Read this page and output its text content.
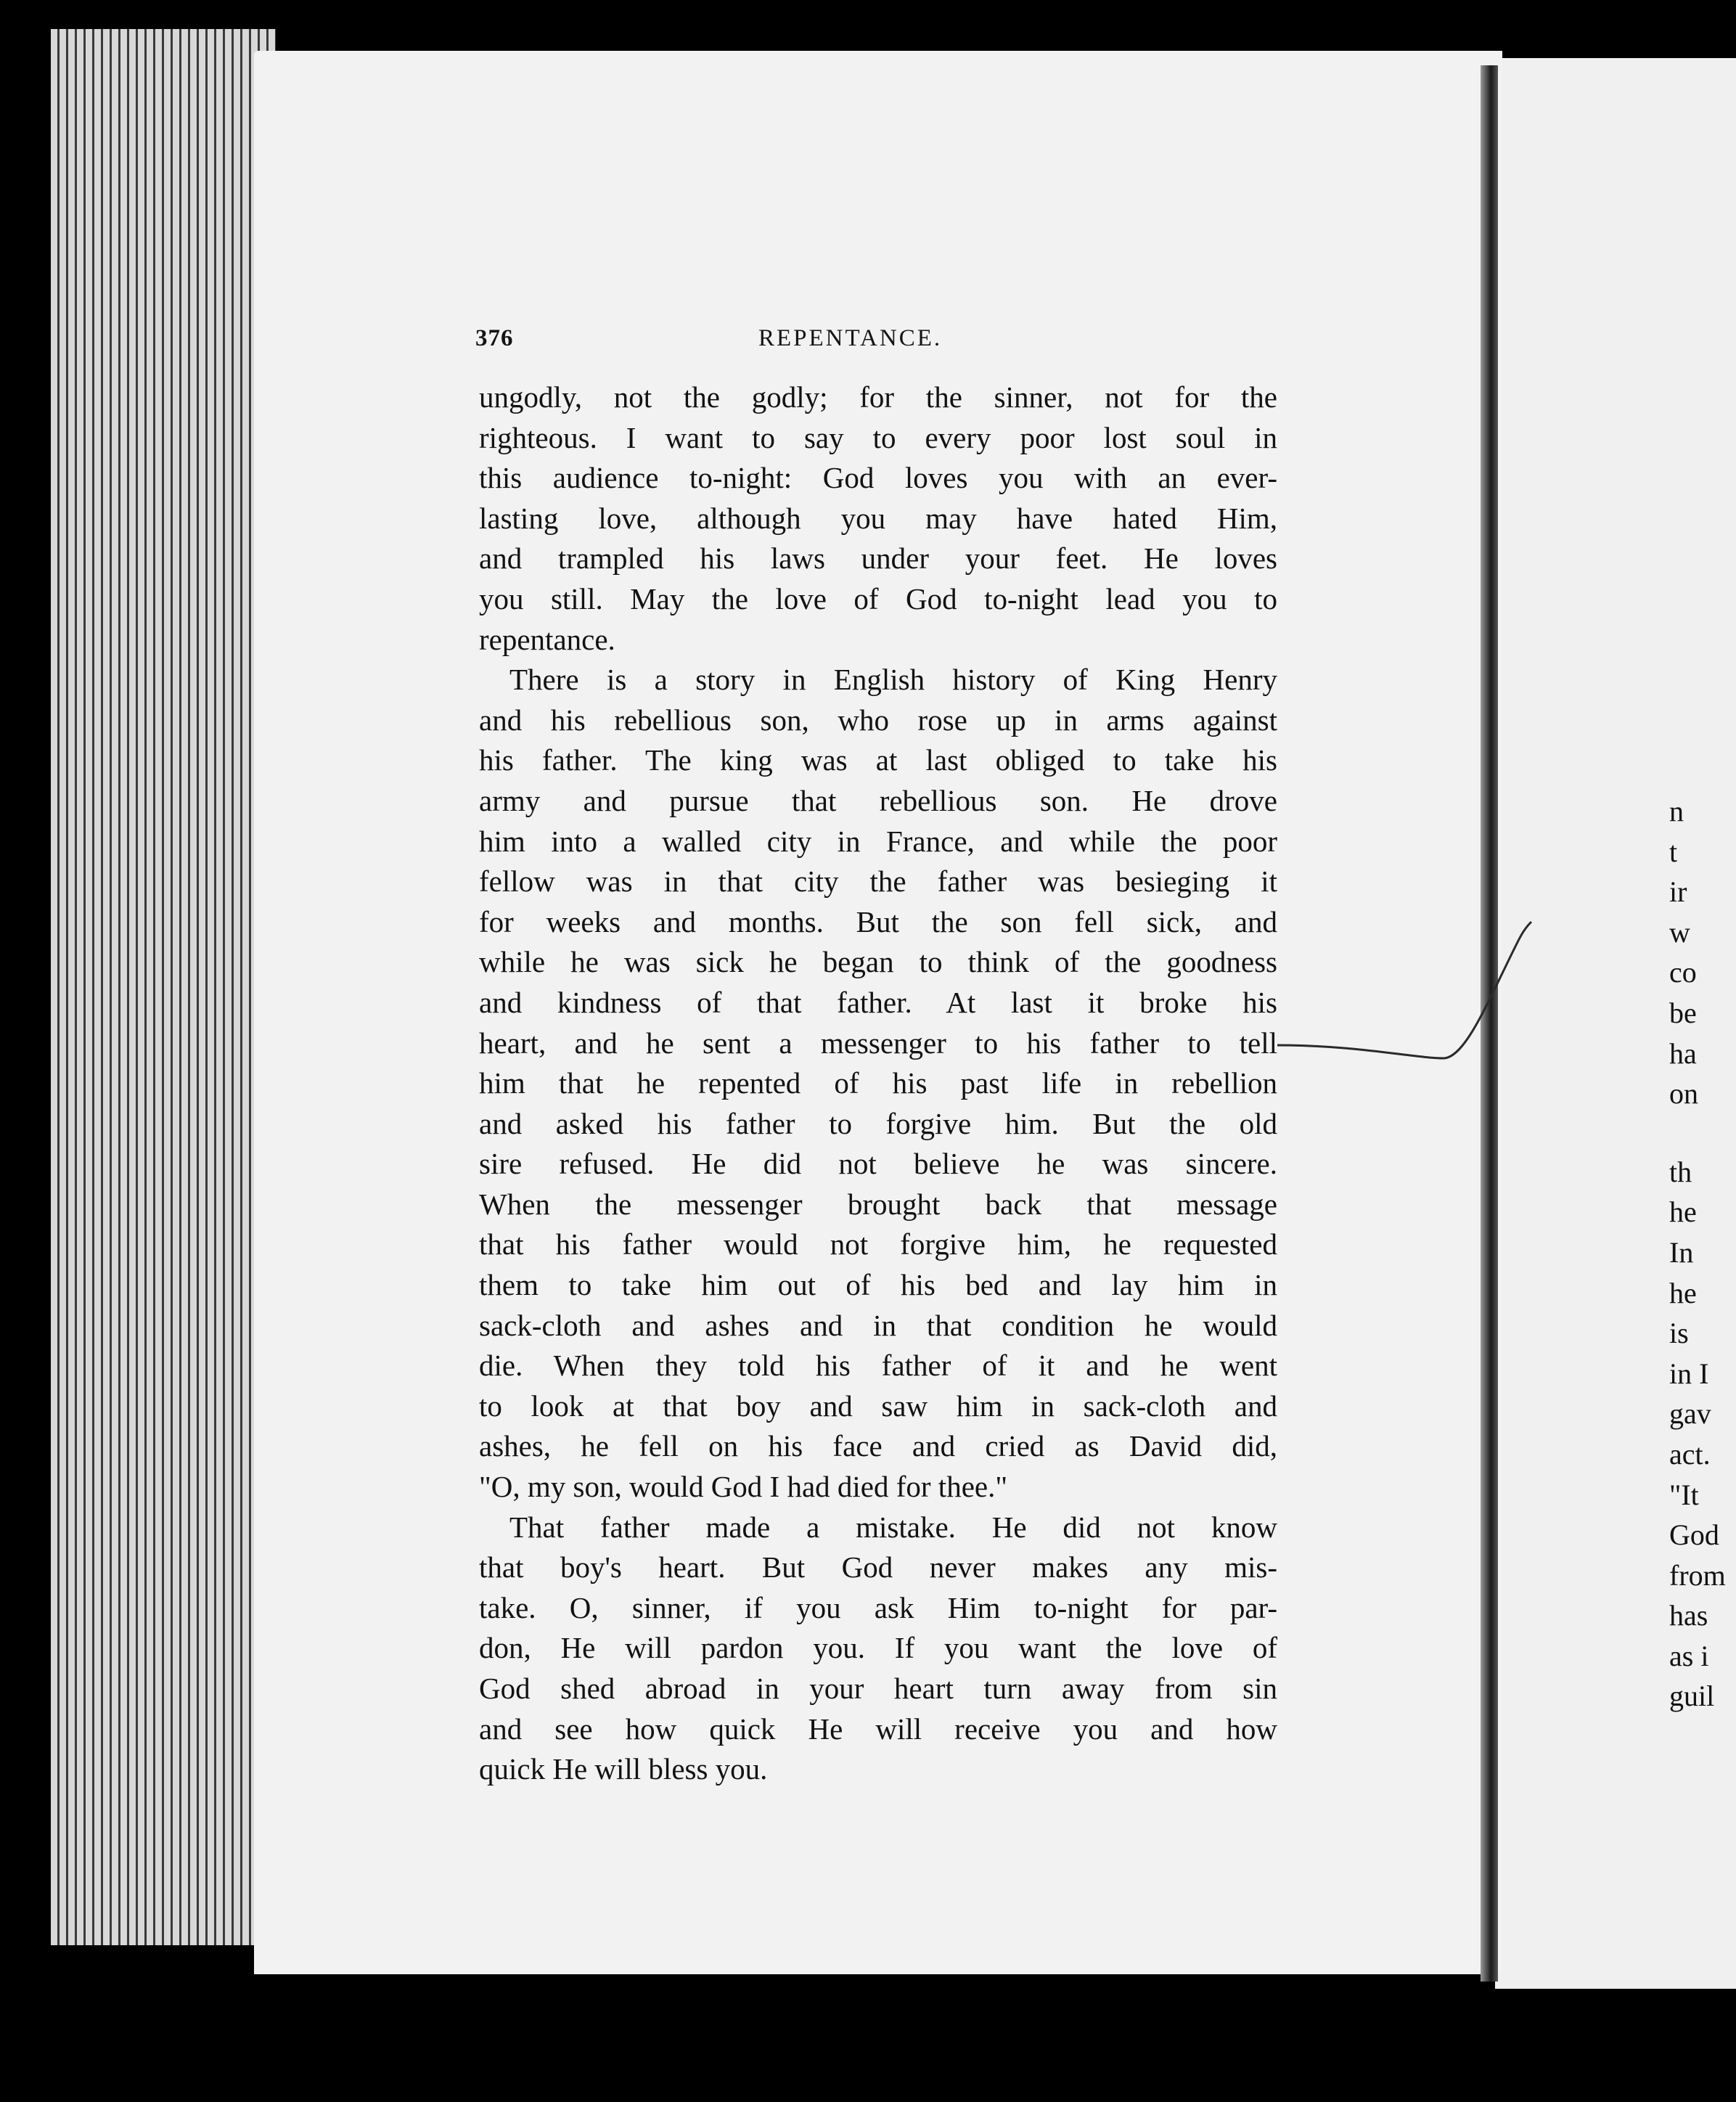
376	REPENTANCE.

ungodly, not the godly; for the sinner, not for the
righteous. I want to say to every poor lost soul in
this audience to-night: God loves you with an ever-
lasting love, although you may have hated Him,
and trampled his laws under your feet. He loves
you still. May the love of God to-night lead you to
repentance.

There is a story in English history of King Henry
and his rebellious son, who rose up in arms against
his father. The king was at last obliged to take his
army and pursue that rebellious son. He drove
him into a walled city in France, and while the poor
fellow was in that city the father was besieging it
for weeks and months. But the son fell sick, and
while he was sick he began to think of the goodness
and kindness of that father. At last it broke his
heart, and he sent a messenger to his father to tell
him that he repented of his past life in rebellion
and asked his father to forgive him. But the old
sire refused. He did not believe he was sincere.
When the messenger brought back that message
that his father would not forgive him, he requested
them to take him out of his bed and lay him in
sack-cloth and ashes and in that condition he would
die. When they told his father of it and he went
to look at that boy and saw him in sack-cloth and
ashes, he fell on his face and cried as David did,
"O, my son, would God I had died for thee."

That father made a mistake. He did not know
that boy's heart. But God never makes any mis-
take. O, sinner, if you ask Him to-night for par-
don, He will pardon you. If you want the love of
God shed abroad in your heart turn away from sin
and see how quick He will receive you and how
quick He will bless you.

n
t
ir
w
co
be
ha
on
th
he
In
he
is
in I
gav
act.
"It
God
from
has
as i
guil
